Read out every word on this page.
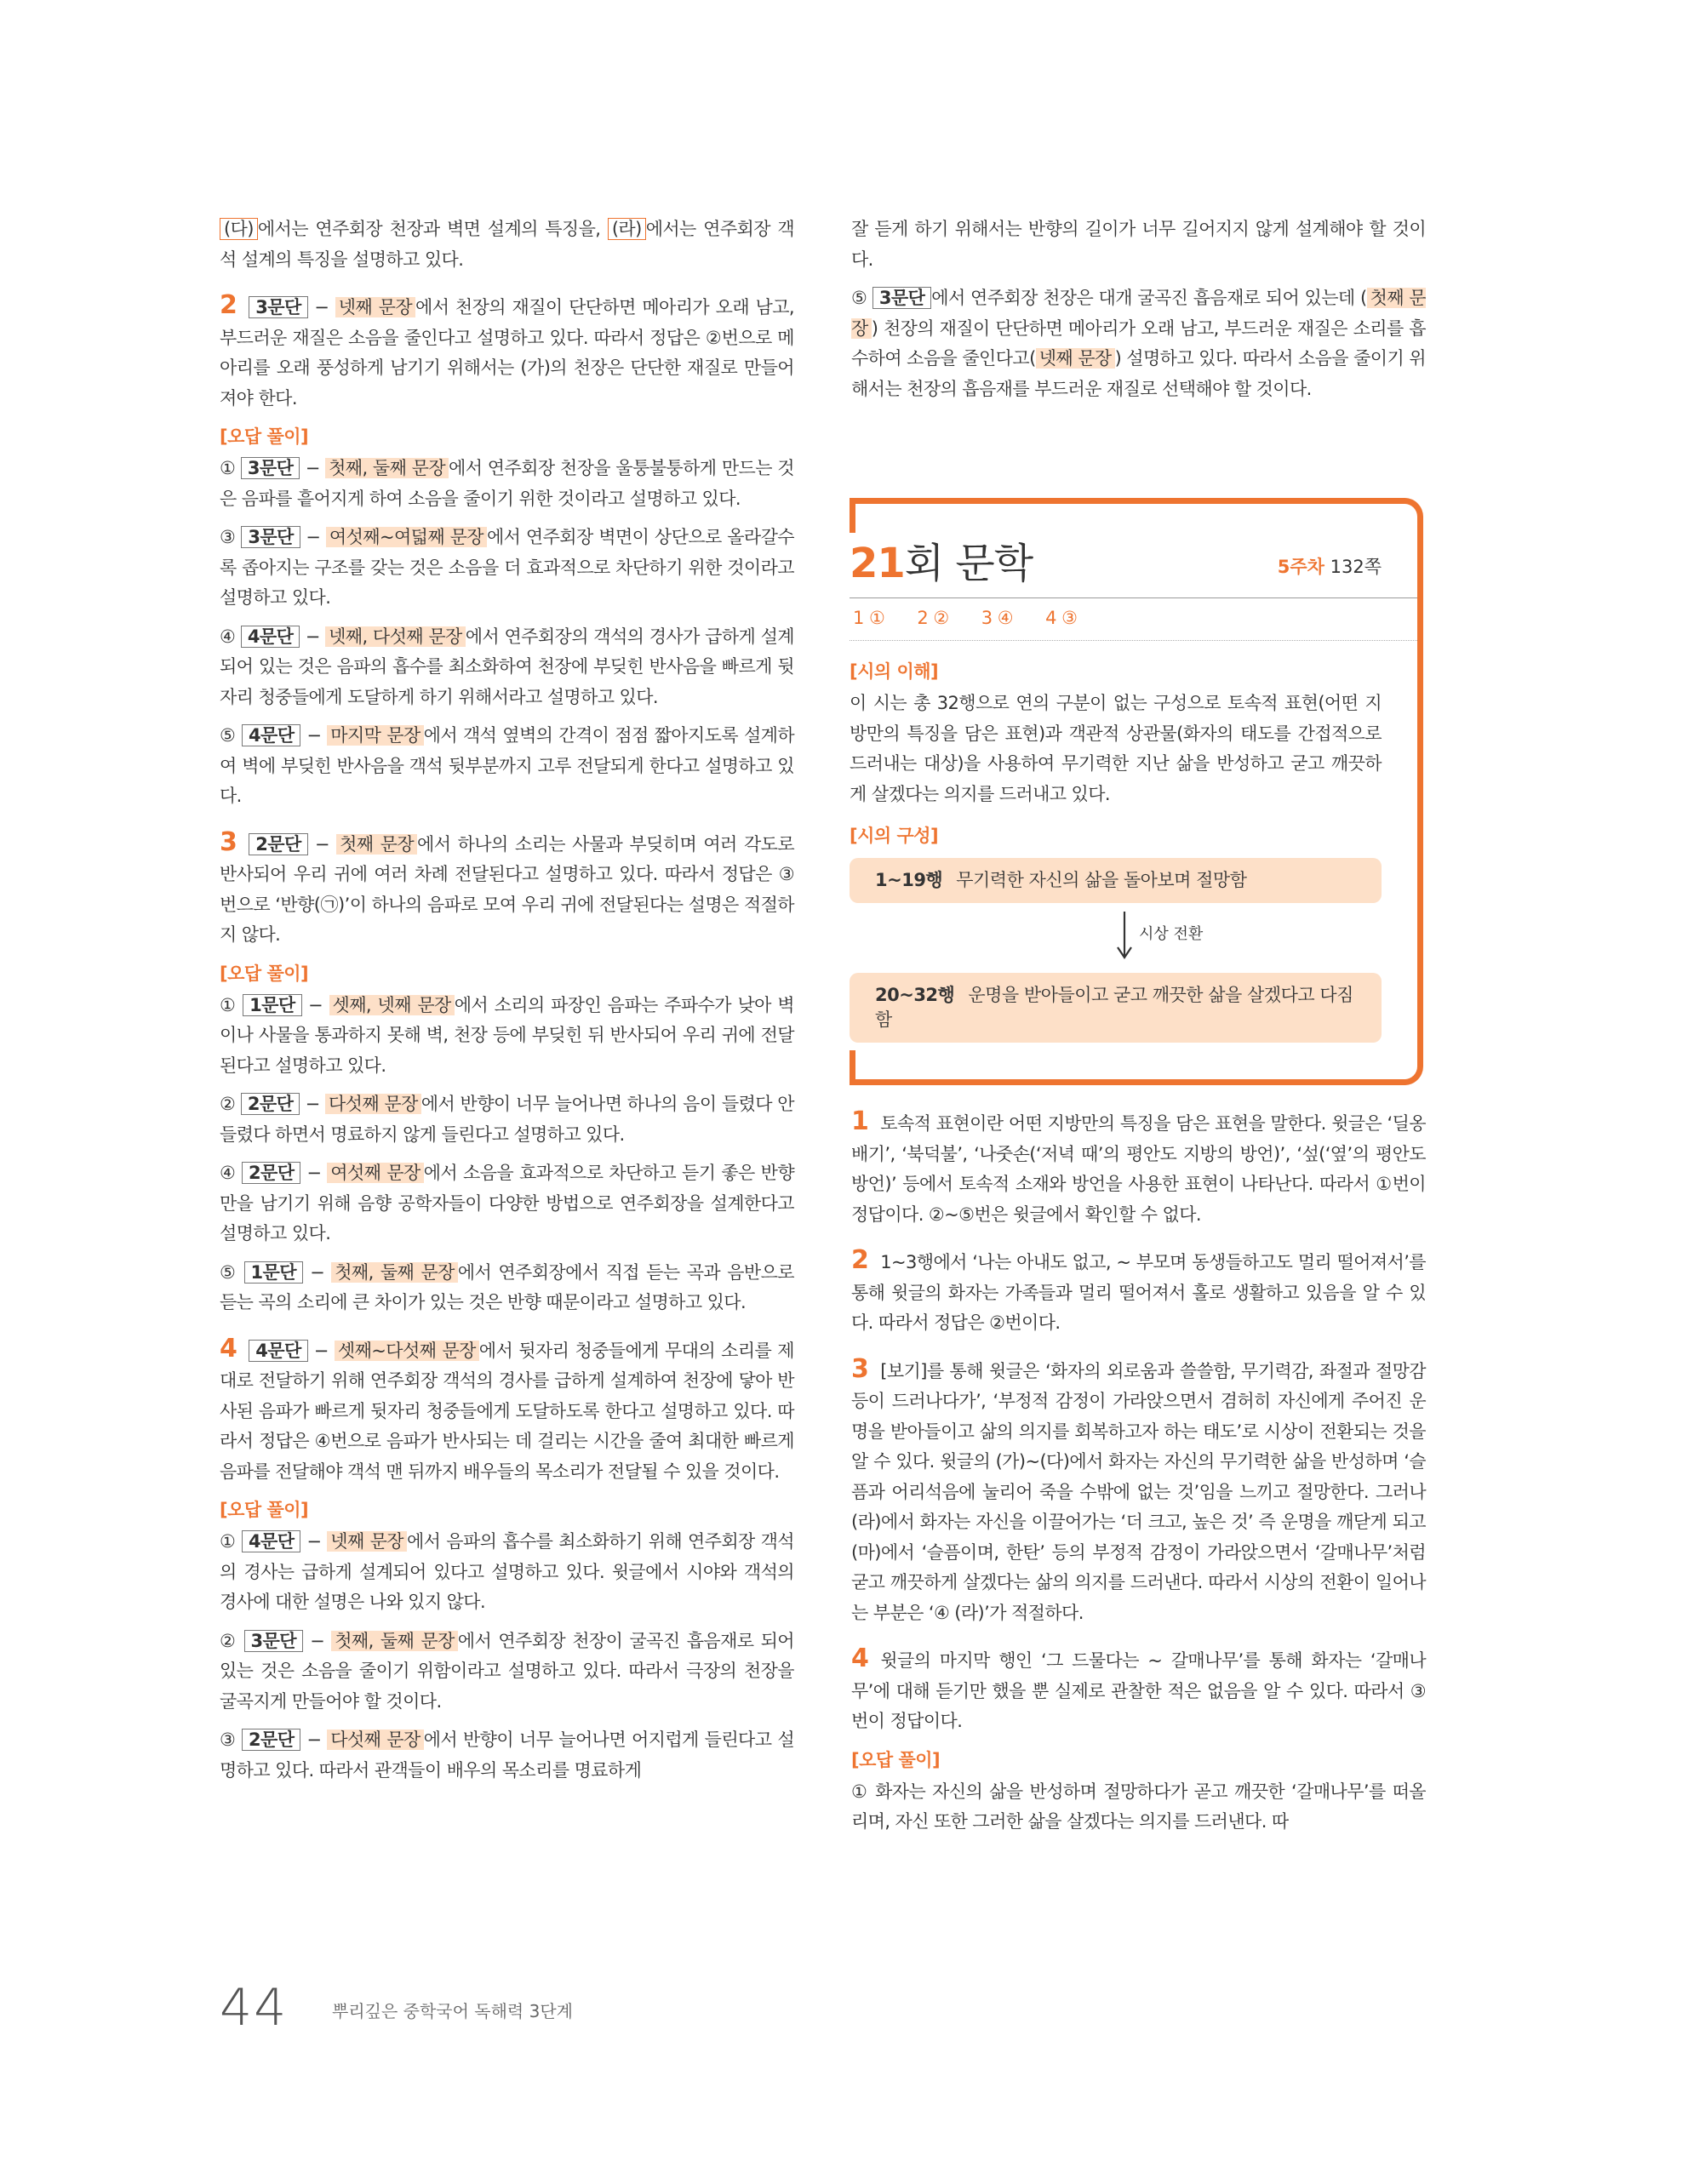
(다) 에서는 연주회장 천장과 벽면 설계의 특징을, (라) 에서는 연주회장 객석 설계의 특징을 설명하고 있다.
2 3문단 − 넷째 문장 에서 천장의 재질이 단단하면 메아리가 오래 남고, 부드러운 재질은 소음을 줄인다고 설명하고 있다. 따라서 정답은 ②번으로 메아리를 오래 풍성하게 남기기 위해서는 (가)의 천장은 단단한 재질로 만들어져야 한다.
[오답 풀이]
① 3문단 − 첫째, 둘째 문장 에서 연주회장 천장을 울퉁불퉁하게 만드는 것은 음파를 흩어지게 하여 소음을 줄이기 위한 것이라고 설명하고 있다.
③ 3문단 − 여섯째~여덟째 문장 에서 연주회장 벽면이 상단으로 올라갈수록 좁아지는 구조를 갖는 것은 소음을 더 효과적으로 차단하기 위한 것이라고 설명하고 있다.
④ 4문단 − 넷째, 다섯째 문장 에서 연주회장의 객석의 경사가 급하게 설계되어 있는 것은 음파의 흡수를 최소화하여 천장에 부딪힌 반사음을 빠르게 뒷자리 청중들에게 도달하게 하기 위해서라고 설명하고 있다.
⑤ 4문단 − 마지막 문장 에서 객석 옆벽의 간격이 점점 짧아지도록 설계하여 벽에 부딪힌 반사음을 객석 뒷부분까지 고루 전달되게 한다고 설명하고 있다.
3 2문단 − 첫째 문장 에서 하나의 소리는 사물과 부딪히며 여러 각도로 반사되어 우리 귀에 여러 차례 전달된다고 설명하고 있다. 따라서 정답은 ③번으로 ‘반향(㉠)’이 하나의 음파로 모여 우리 귀에 전달된다는 설명은 적절하지 않다.
[오답 풀이]
① 1문단 − 셋째, 넷째 문장 에서 소리의 파장인 음파는 주파수가 낮아 벽이나 사물을 통과하지 못해 벽, 천장 등에 부딪힌 뒤 반사되어 우리 귀에 전달된다고 설명하고 있다.
② 2문단 − 다섯째 문장 에서 반향이 너무 늘어나면 하나의 음이 들렸다 안 들렸다 하면서 명료하지 않게 들린다고 설명하고 있다.
④ 2문단 − 여섯째 문장 에서 소음을 효과적으로 차단하고 듣기 좋은 반향만을 남기기 위해 음향 공학자들이 다양한 방법으로 연주회장을 설계한다고 설명하고 있다.
⑤ 1문단 − 첫째, 둘째 문장 에서 연주회장에서 직접 듣는 곡과 음반으로 듣는 곡의 소리에 큰 차이가 있는 것은 반향 때문이라고 설명하고 있다.
4 4문단 − 셋째~다섯째 문장 에서 뒷자리 청중들에게 무대의 소리를 제대로 전달하기 위해 연주회장 객석의 경사를 급하게 설계하여 천장에 닿아 반사된 음파가 빠르게 뒷자리 청중들에게 도달하도록 한다고 설명하고 있다. 따라서 정답은 ④번으로 음파가 반사되는 데 걸리는 시간을 줄여 최대한 빠르게 음파를 전달해야 객석 맨 뒤까지 배우들의 목소리가 전달될 수 있을 것이다.
[오답 풀이]
① 4문단 − 넷째 문장 에서 음파의 흡수를 최소화하기 위해 연주회장 객석의 경사는 급하게 설계되어 있다고 설명하고 있다. 윗글에서 시야와 객석의 경사에 대한 설명은 나와 있지 않다.
② 3문단 − 첫째, 둘째 문장 에서 연주회장 천장이 굴곡진 흡음재로 되어 있는 것은 소음을 줄이기 위함이라고 설명하고 있다. 따라서 극장의 천장을 굴곡지게 만들어야 할 것이다.
③ 2문단 − 다섯째 문장 에서 반향이 너무 늘어나면 어지럽게 들린다고 설명하고 있다. 따라서 관객들이 배우의 목소리를 명료하게
잘 듣게 하기 위해서는 반향의 길이가 너무 길어지지 않게 설계해야 할 것이다.
⑤ 3문단 에서 연주회장 천장은 대개 굴곡진 흡음재로 되어 있는데 ( 첫째 문장 ) 천장의 재질이 단단하면 메아리가 오래 남고, 부드러운 재질은 소리를 흡수하여 소음을 줄인다고( 넷째 문장 ) 설명하고 있다. 따라서 소음을 줄이기 위해서는 천장의 흡음재를 부드러운 재질로 선택해야 할 것이다.
21회 문학	5주차 132쪽
1 ① 2 ② 3 ④ 4 ③
[시의 이해]
이 시는 총 32행으로 연의 구분이 없는 구성으로 토속적 표현(어떤 지방만의 특징을 담은 표현)과 객관적 상관물(화자의 태도를 간접적으로 드러내는 대상)을 사용하여 무기력한 지난 삶을 반성하고 굳고 깨끗하게 살겠다는 의지를 드러내고 있다.
[시의 구성]
1~19행 무기력한 자신의 삶을 돌아보며 절망함
시상 전환
20~32행 운명을 받아들이고 굳고 깨끗한 삶을 살겠다고 다짐함
1 토속적 표현이란 어떤 지방만의 특징을 담은 표현을 말한다. 윗글은 ‘딜옹배기’, ‘북덕불’, ‘나줏손(‘저녁 때’의 평안도 지방의 방언)’, ‘섶(‘옆’의 평안도 방언)’ 등에서 토속적 소재와 방언을 사용한 표현이 나타난다. 따라서 ①번이 정답이다. ②~⑤번은 윗글에서 확인할 수 없다.
2 1~3행에서 ‘나는 아내도 없고, ~ 부모며 동생들하고도 멀리 떨어져서’를 통해 윗글의 화자는 가족들과 멀리 떨어져서 홀로 생활하고 있음을 알 수 있다. 따라서 정답은 ②번이다.
3 [보기]를 통해 윗글은 ‘화자의 외로움과 쓸쓸함, 무기력감, 좌절과 절망감 등이 드러나다가’, ‘부정적 감정이 가라앉으면서 겸허히 자신에게 주어진 운명을 받아들이고 삶의 의지를 회복하고자 하는 태도’로 시상이 전환되는 것을 알 수 있다. 윗글의 (가)~(다)에서 화자는 자신의 무기력한 삶을 반성하며 ‘슬픔과 어리석음에 눌리어 죽을 수밖에 없는 것’임을 느끼고 절망한다. 그러나 (라)에서 화자는 자신을 이끌어가는 ‘더 크고, 높은 것’ 즉 운명을 깨닫게 되고 (마)에서 ‘슬픔이며, 한탄’ 등의 부정적 감정이 가라앉으면서 ‘갈매나무’처럼 굳고 깨끗하게 살겠다는 삶의 의지를 드러낸다. 따라서 시상의 전환이 일어나는 부분은 ‘④ (라)’가 적절하다.
4 윗글의 마지막 행인 ‘그 드물다는 ~ 갈매나무’를 통해 화자는 ‘갈매나무’에 대해 듣기만 했을 뿐 실제로 관찰한 적은 없음을 알 수 있다. 따라서 ③번이 정답이다.
[오답 풀이]
① 화자는 자신의 삶을 반성하며 절망하다가 곧고 깨끗한 ‘갈매나무’를 떠올리며, 자신 또한 그러한 삶을 살겠다는 의지를 드러낸다. 따
44	뿌리깊은 중학국어 독해력 3단계
